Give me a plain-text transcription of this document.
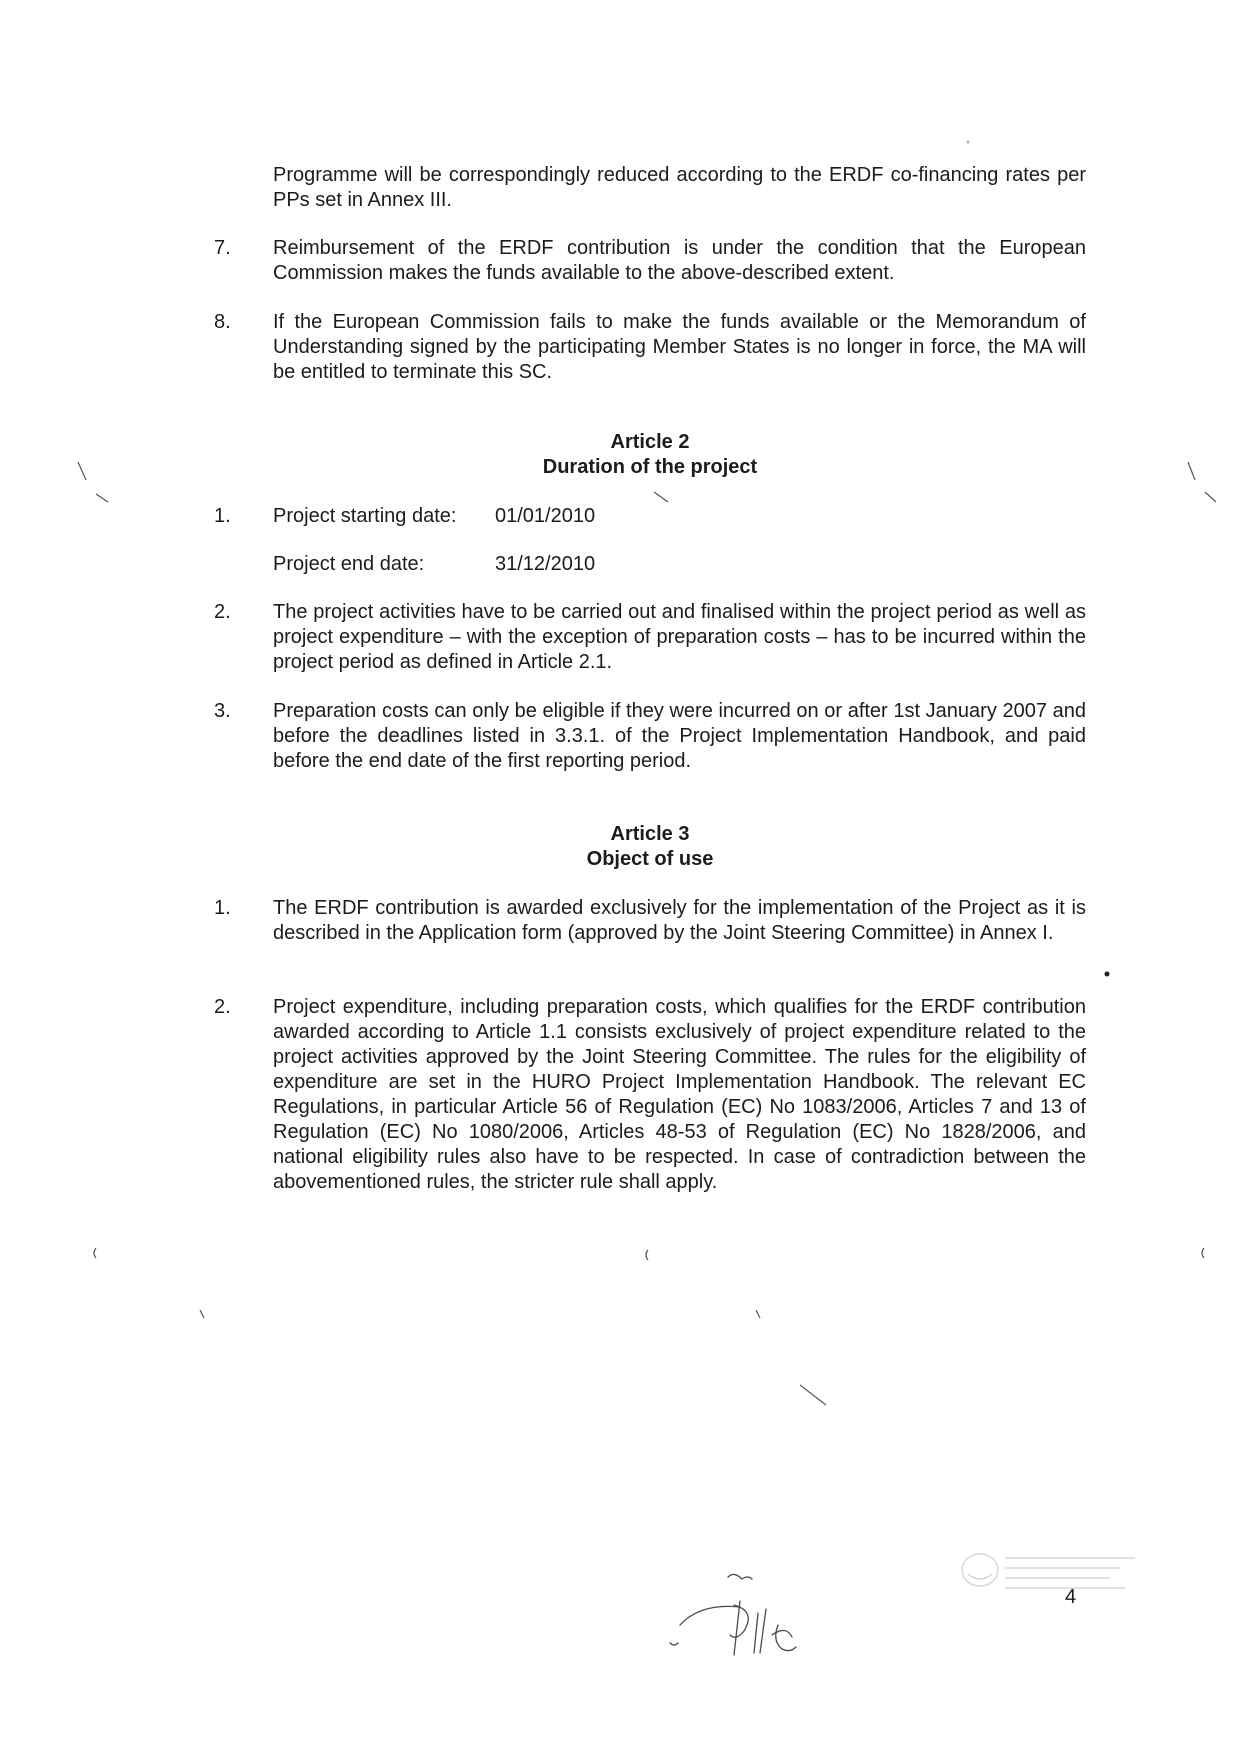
Programme will be correspondingly reduced according to the ERDF co-financing rates per PPs set in Annex III.
7.	Reimbursement of the ERDF contribution is under the condition that the European Commission makes the funds available to the above-described extent.
8.	If the European Commission fails to make the funds available or the Memorandum of Understanding signed by the participating Member States is no longer in force, the MA will be entitled to terminate this SC.
Article 2
Duration of the project
1.	Project starting date: 01/01/2010
Project end date:	31/12/2010
2.	The project activities have to be carried out and finalised within the project period as well as project expenditure – with the exception of preparation costs – has to be incurred within the project period as defined in Article 2.1.
3.	Preparation costs can only be eligible if they were incurred on or after 1st January 2007 and before the deadlines listed in 3.3.1. of the Project Implementation Handbook, and paid before the end date of the first reporting period.
Article 3
Object of use
1.	The ERDF contribution is awarded exclusively for the implementation of the Project as it is described in the Application form (approved by the Joint Steering Committee) in Annex I.
2.	Project expenditure, including preparation costs, which qualifies for the ERDF contribution awarded according to Article 1.1 consists exclusively of project expenditure related to the project activities approved by the Joint Steering Committee. The rules for the eligibility of expenditure are set in the HURO Project Implementation Handbook. The relevant EC Regulations, in particular Article 56 of Regulation (EC) No 1083/2006, Articles 7 and 13 of Regulation (EC) No 1080/2006, Articles 48-53 of Regulation (EC) No 1828/2006, and national eligibility rules also have to be respected. In case of contradiction between the abovementioned rules, the stricter rule shall apply.
4
